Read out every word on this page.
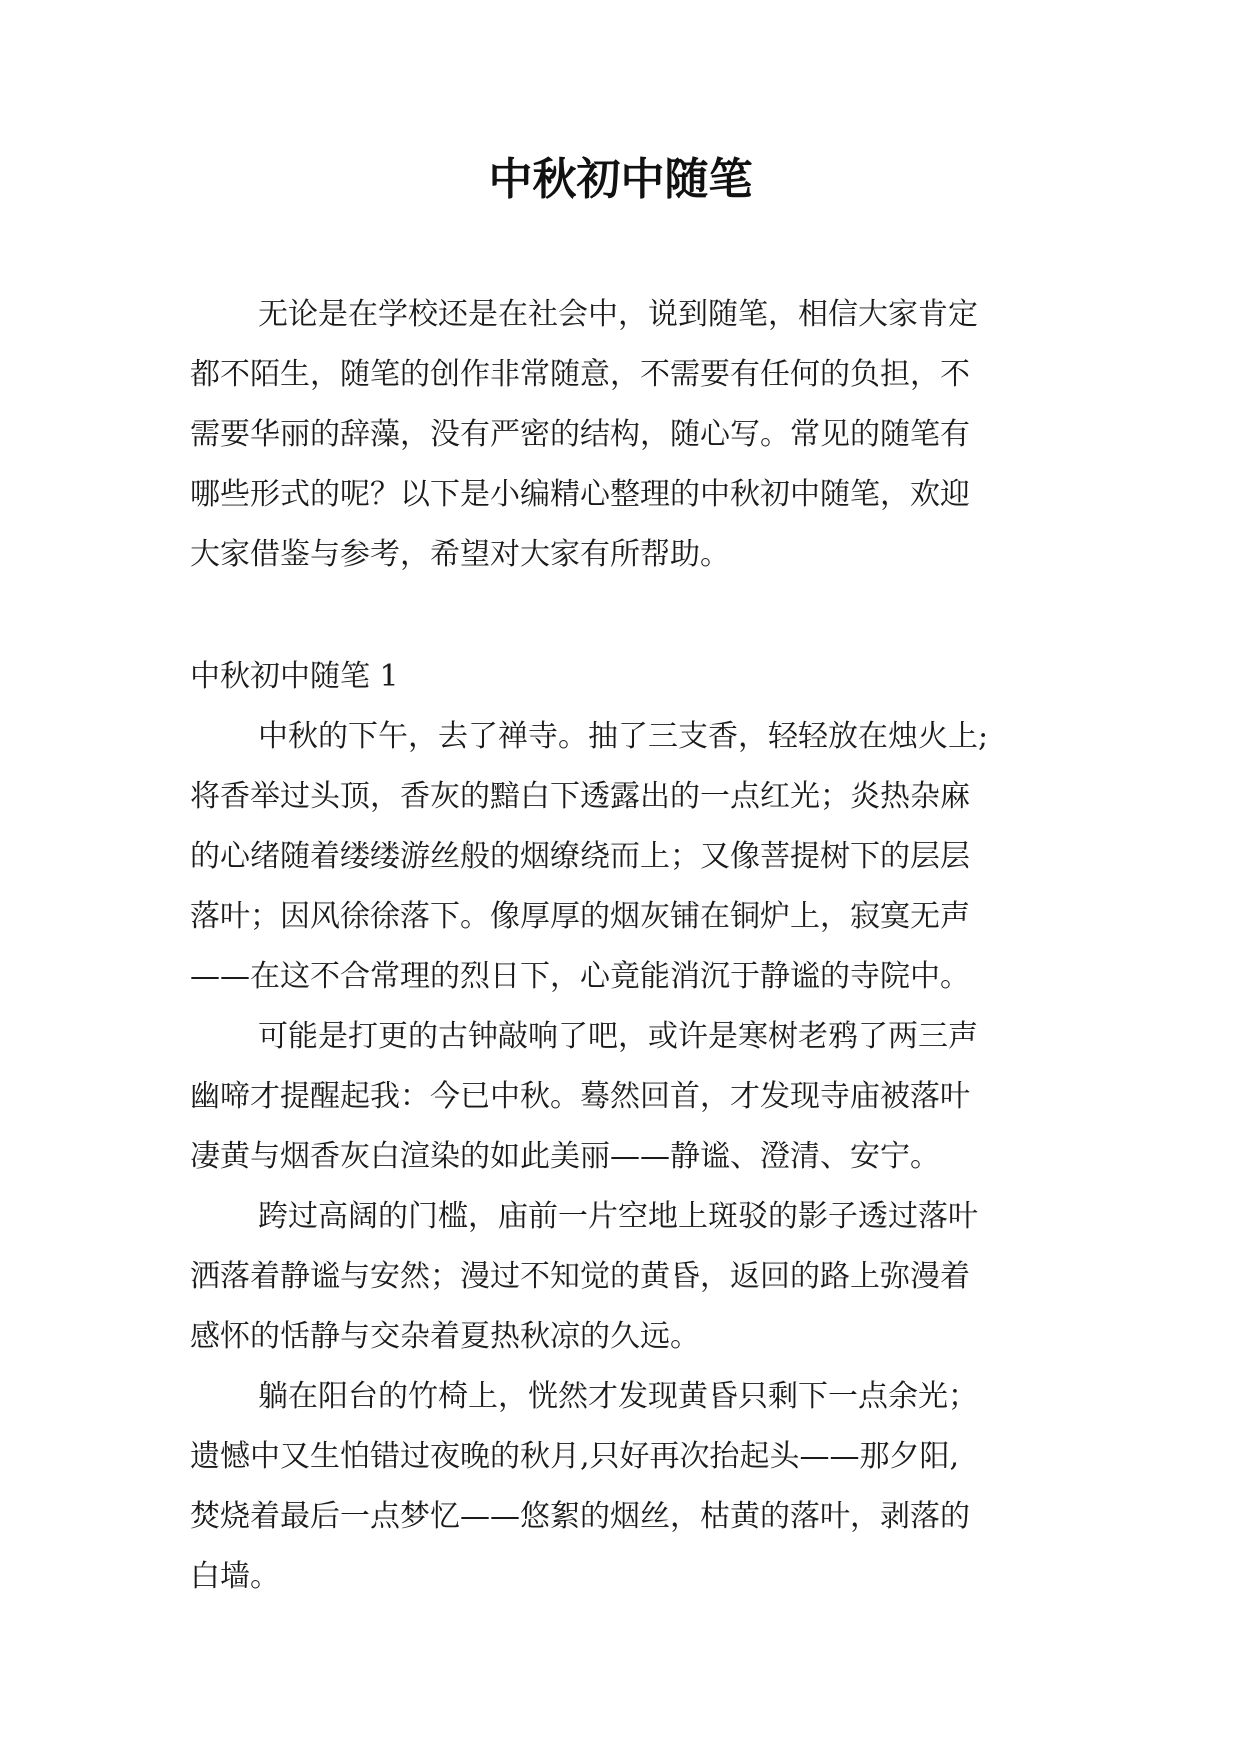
中秋初中随笔
无论是在学校还是在社会中，说到随笔，相信大家肯定
都不陌生，随笔的创作非常随意，不需要有任何的负担，不
需要华丽的辞藻，没有严密的结构，随心写。常见的随笔有
哪些形式的呢？以下是小编精心整理的中秋初中随笔，欢迎
大家借鉴与参考，希望对大家有所帮助。
中秋初中随笔 1
中秋的下午，去了禅寺。抽了三支香，轻轻放在烛火上;
将香举过头顶，香灰的黯白下透露出的一点红光；炎热杂麻
的心绪随着缕缕游丝般的烟缭绕而上；又像菩提树下的层层
落叶；因风徐徐落下。像厚厚的烟灰铺在铜炉上，寂寞无声
——在这不合常理的烈日下，心竟能消沉于静谧的寺院中。
可能是打更的古钟敲响了吧，或许是寒树老鸦了两三声
幽啼才提醒起我：今已中秋。蓦然回首，才发现寺庙被落叶
凄黄与烟香灰白渲染的如此美丽——静谧、澄清、安宁。
跨过高阔的门槛，庙前一片空地上斑驳的影子透过落叶
洒落着静谧与安然；漫过不知觉的黄昏，返回的路上弥漫着
感怀的恬静与交杂着夏热秋凉的久远。
躺在阳台的竹椅上，恍然才发现黄昏只剩下一点余光；
遗憾中又生怕错过夜晚的秋月,只好再次抬起头——那夕阳,
焚烧着最后一点梦忆——悠絮的烟丝，枯黄的落叶，剥落的
白墙。
